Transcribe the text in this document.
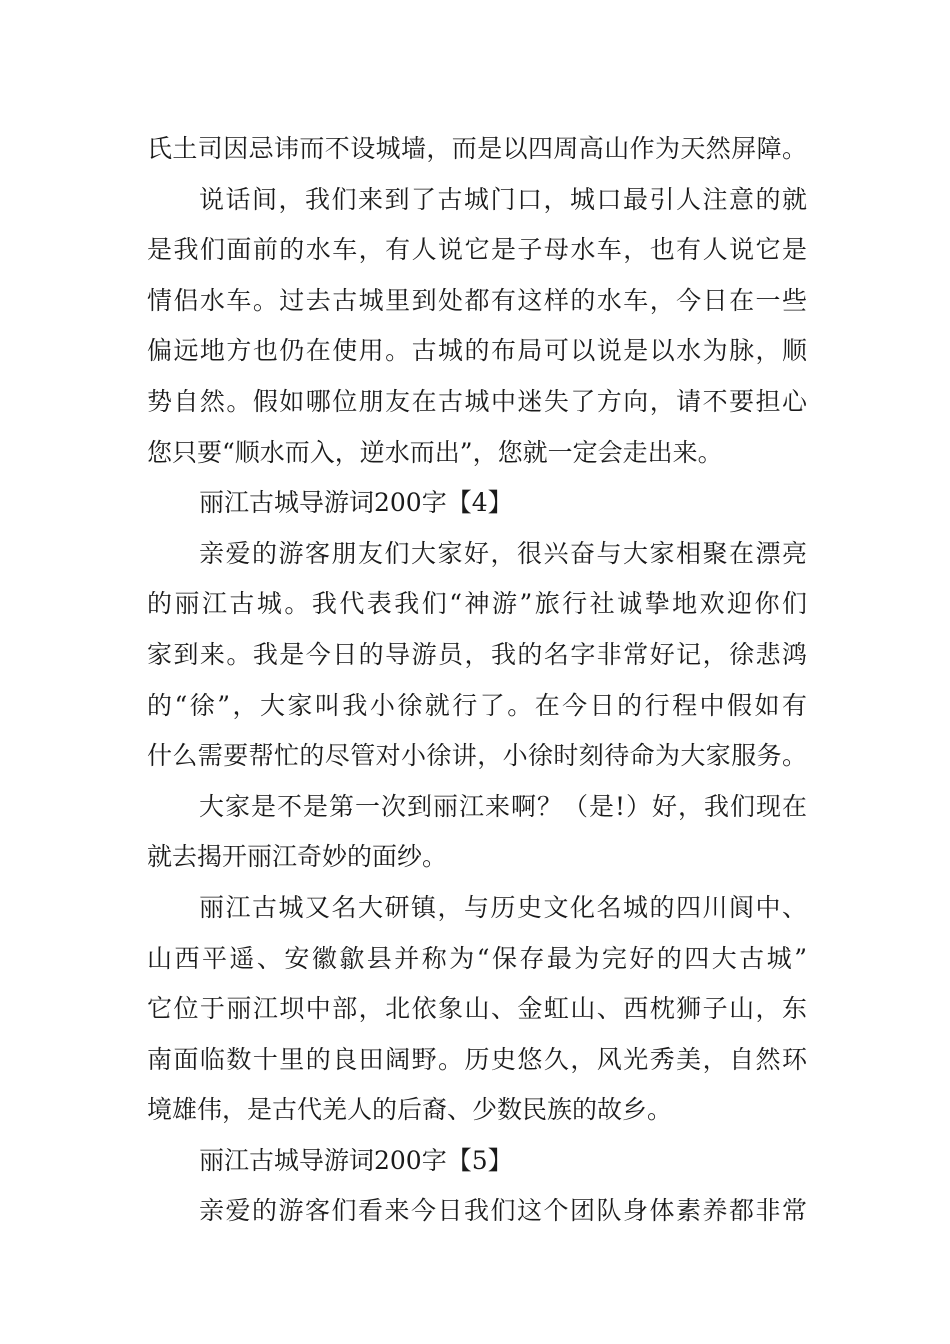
氏土司因忌讳而不设城墙，而是以四周高山作为天然屏障。
说话间，我们来到了古城门口，城口最引人注意的就
是我们面前的水车，有人说它是子母水车，也有人说它是
情侣水车。过去古城里到处都有这样的水车，今日在一些
偏远地方也仍在使用。古城的布局可以说是以水为脉，顺
势自然。假如哪位朋友在古城中迷失了方向，请不要担心
您只要“顺水而入，逆水而出”，您就一定会走出来。
丽江古城导游词200字【4】
亲爱的游客朋友们大家好，很兴奋与大家相聚在漂亮
的丽江古城。我代表我们“神游”旅行社诚挚地欢迎你们
家到来。我是今日的导游员，我的名字非常好记，徐悲鸿
的“徐”，大家叫我小徐就行了。在今日的行程中假如有
什么需要帮忙的尽管对小徐讲，小徐时刻待命为大家服务。
大家是不是第一次到丽江来啊？（是!）好，我们现在
就去揭开丽江奇妙的面纱。
丽江古城又名大研镇，与历史文化名城的四川阆中、
山西平遥、安徽歙县并称为“保存最为完好的四大古城”
它位于丽江坝中部，北依象山、金虹山、西枕狮子山，东
南面临数十里的良田阔野。历史悠久，风光秀美，自然环
境雄伟，是古代羌人的后裔、少数民族的故乡。
丽江古城导游词200字【5】
亲爱的游客们看来今日我们这个团队身体素养都非常
